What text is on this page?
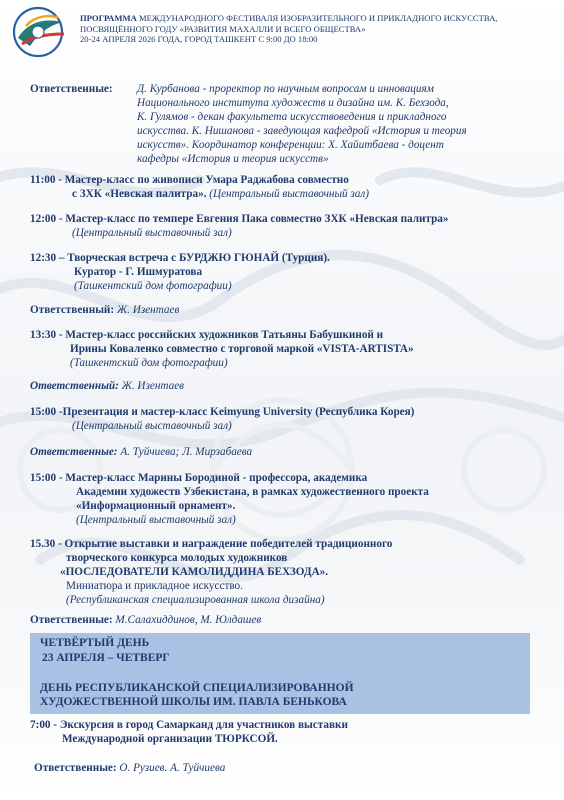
ПРОГРАММА МЕЖДУНАРОДНОГО ФЕСТИВАЛЯ ИЗОБРАЗИТЕЛЬНОГО И ПРИКЛАДНОГО ИСКУССТВА,
ПОСВЯЩЁННОГО ГОДУ «РАЗВИТИЯ МАХАЛЛИ И ВСЕГО ОБЩЕСТВА»
20-24 АПРЕЛЯ 2026 ГОДА, ГОРОД ТАШКЕНТ С 9:00 ДО 18:00
Ответственные: Д. Курбанова - проректор по научным вопросам и инновациям
Национального института художеств и дизайна им. К. Бехзода,
К. Гулямов - декан факультета искусствоведения и прикладного
искусства. К. Нишанова - заведующая кафедрой «История и теория
искусств». Координатор конференции: Х. Хайитбаева - доцент
кафедры «История и теория искусств»
11:00 - Мастер-класс по живописи Умара Раджабова совместно
с ЗХК «Невская палитра». (Центральный выставочный зал)
12:00 - Мастер-класс по темпере Евгения Пака совместно ЗХК «Невская палитра»
(Центральный выставочный зал)
12:30 – Творческая встреча с БУРДЖЮ ГЮНАЙ (Турция).
Куратор - Г. Ишмуратова
(Ташкентский дом фотографии)
Ответственный: Ж. Изентаев
13:30 - Мастер-класс российских художников Татьяны Бабушкиной и
Ирины Коваленко совместно с торговой маркой «VISTA-ARTISTA»
(Ташкентский дом фотографии)
Ответственный: Ж. Изентаев
15:00 -Презентация и мастер-класс Keimyung University (Республика Корея)
(Центральный выставочный зал)
Ответственные: А. Туйчиева; Л. Мирзабаева
15:00 - Мастер-класс Марины Бородиной - профессора, академика
Академии художеств Узбекистана, в рамках художественного проекта
«Информационный орнамент».
(Центральный выставочный зал)
15.30 - Открытие выставки и награждение победителей традиционного
творческого конкурса молодых художников
«ПОСЛЕДОВАТЕЛИ КАМОЛИДДИНА БЕХЗОДА».
Миниатюра и прикладное искусство.
(Республиканская специализированная школа дизайна)
Ответственные: М.Салахиддинов, М. Юлдашев
ЧЕТВЁРТЫЙ ДЕНЬ
23 АПРЕЛЯ – ЧЕТВЕРГ
ДЕНЬ РЕСПУБЛИКАНСКОЙ СПЕЦИАЛИЗИРОВАННОЙ
ХУДОЖЕСТВЕННОЙ ШКОЛЫ ИМ. ПАВЛА БЕНЬКОВА
7:00 - Экскурсия в город Самарканд для участников выставки
Международной организации ТЮРКСОЙ.
Ответственные: О. Рузиев. А. Туйчиева
